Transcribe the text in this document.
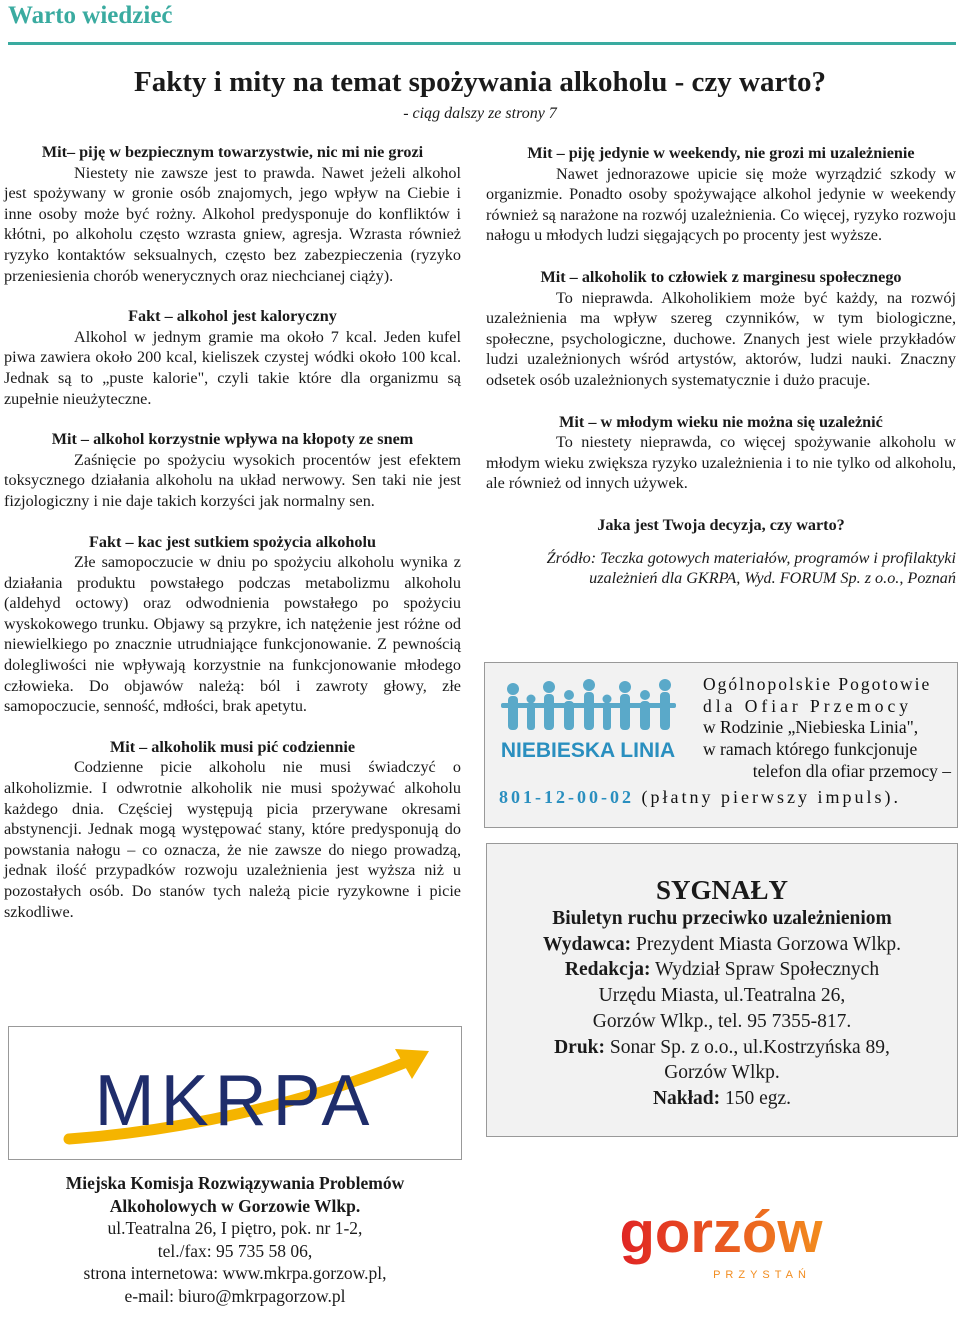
Warto wiedzieć
Fakty i mity na temat spożywania alkoholu - czy warto?
- ciąg dalszy ze strony 7
Mit– piję w bezpiecznym towarzystwie, nic mi nie grozi

Niestety nie zawsze jest to prawda. Nawet jeżeli alkohol jest spożywany w gronie osób znajomych, jego wpływ na Ciebie i inne osoby może być rożny. Alkohol predysponuje do konfliktów i kłótni, po alkoholu często wzrasta gniew, agresja. Wzrasta również ryzyko kontaktów seksualnych, często bez zabezpieczenia (ryzyko przeniesienia chorób wenerycznych oraz niechcianej ciąży).

Fakt – alkohol jest kaloryczny

Alkohol w jednym gramie ma około 7 kcal. Jeden kufel piwa zawiera około 200 kcal, kieliszek czystej wódki około 100 kcal. Jednak są to „puste kalorie", czyli takie które dla organizmu są zupełnie nieużyteczne.

Mit – alkohol korzystnie wpływa na kłopoty ze snem

Zaśnięcie po spożyciu wysokich procentów jest efektem toksycznego działania alkoholu na układ nerwowy. Sen taki nie jest fizjologiczny i nie daje takich korzyści jak normalny sen.

Fakt – kac jest sutkiem spożycia alkoholu

Złe samopoczucie w dniu po spożyciu alkoholu wynika z działania produktu powstałego podczas metabolizmu alkoholu (aldehyd octowy) oraz odwodnienia powstałego po spożyciu wyskokowego trunku. Objawy są przykre, ich natężenie jest różne od niewielkiego po znacznie utrudniające funkcjonowanie. Z pewnością dolegliwości nie wpływają korzystnie na funkcjonowanie młodego człowieka. Do objawów należą: ból i zawroty głowy, złe samopoczucie, senność, mdłości, brak apetytu.

Mit – alkoholik musi pić codziennie

Codzienne picie alkoholu nie musi świadczyć o alkoholizmie. I odwrotnie alkoholik nie musi spożywać alkoholu każdego dnia. Częściej występują picia przerywane okresami abstynencji. Jednak mogą występować stany, które predysponują do powstania nałogu – co oznacza, że nie zawsze do niego prowadzą, jednak ilość przypadków rozwoju uzależnienia jest wyższa niż u pozostałych osób. Do stanów tych należą picie ryzykowne i picie szkodliwe.

Mit – piję jedynie w weekendy, nie grozi mi uzależnienie

Nawet jednorazowe upicie się może wyrządzić szkody w organizmie. Ponadto osoby spożywające alkohol jedynie w weekendy również są narażone na rozwój uzależnienia. Co więcej, ryzyko rozwoju nałogu u młodych ludzi sięgających po procenty jest wyższe.

Mit – alkoholik to człowiek z marginesu społecznego

To nieprawda. Alkoholikiem może być każdy, na rozwój uzależnienia ma wpływ szereg czynników, w tym biologiczne, społeczne, psychologiczne, duchowe. Znanych jest wiele przykładów ludzi uzależnionych wśród artystów, aktorów, ludzi nauki. Znaczny odsetek osób uzależnionych systematycznie i dużo pracuje.

Mit – w młodym wieku nie można się uzależnić

To niestety nieprawda, co więcej spożywanie alkoholu w młodym wieku zwiększa ryzyko uzależnienia i to nie tylko od alkoholu, ale również od innych używek.

Jaka jest Twoja decyzja, czy warto?

Źródło: Teczka gotowych materiałów, programów i profilaktyki uzależnień dla GKRPA, Wyd. FORUM Sp. z o.o., Poznań

NIEBIESKA LINIA

Ogólnopolskie Pogotowie

dla Ofiar Przemocy

w Rodzinie „Niebieska Linia",

w ramach którego funkcjonuje

telefon dla ofiar przemocy –

801-12-00-02 (płatny pierwszy impuls).

SYGNAŁY

Biuletyn ruchu przeciwko uzależnieniom

Wydawca: Prezydent Miasta Gorzowa Wlkp.

Redakcja: Wydział Spraw Społecznych

Urzędu Miasta, ul.Teatralna 26,

Gorzów Wlkp., tel. 95 7355-817.

Druk: Sonar Sp. z o.o., ul.Kostrzyńska 89,

Gorzów Wlkp.

Nakład: 150 egz.

MKRPA

Miejska Komisja Rozwiązywania Problemów

Alkoholowych w Gorzowie Wlkp.

ul.Teatralna 26, I piętro, pok. nr 1-2,

tel./fax: 95 735 58 06,

strona internetowa: www.mkrpa.gorzow.pl,

e-mail: biuro@mkrpagorzow.pl

gorzów
PRZYSTAŃ
